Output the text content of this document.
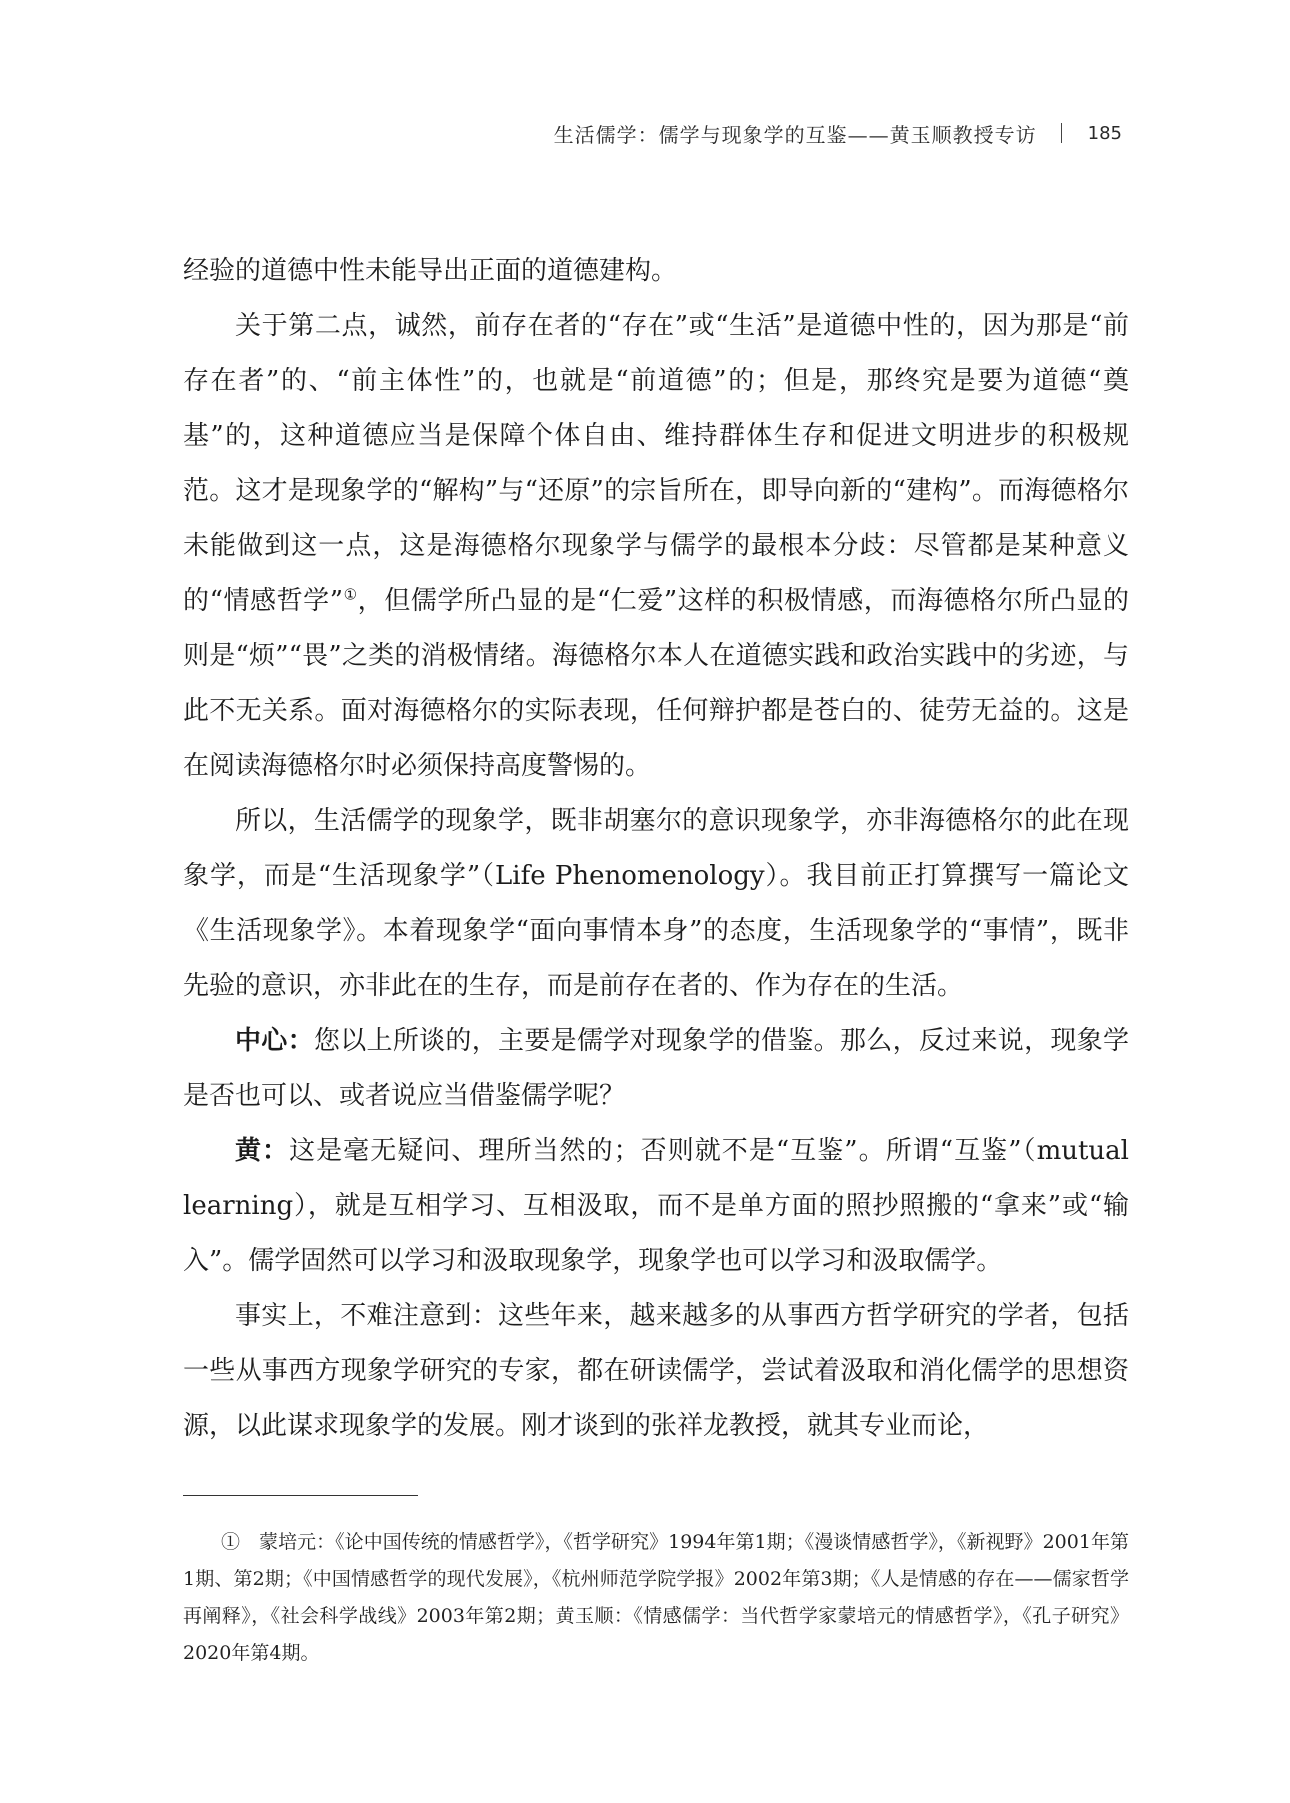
生活儒学：儒学与现象学的互鉴——黄玉顺教授专访	185

经验的道德中性未能导出正面的道德建构。

关于第二点，诚然，前存在者的“存在”或“生活”是道德中性的，因为那是“前存在者”的、“前主体性”的，也就是“前道德”的；但是，那终究是要为道德“奠基”的，这种道德应当是保障个体自由、维持群体生存和促进文明进步的积极规范。这才是现象学的“解构”与“还原”的宗旨所在，即导向新的“建构”。而海德格尔未能做到这一点，这是海德格尔现象学与儒学的最根本分歧：尽管都是某种意义的“情感哲学”①，但儒学所凸显的是“仁爱”这样的积极情感，而海德格尔所凸显的则是“烦”“畏”之类的消极情绪。海德格尔本人在道德实践和政治实践中的劣迹，与此不无关系。面对海德格尔的实际表现，任何辩护都是苍白的、徒劳无益的。这是在阅读海德格尔时必须保持高度警惕的。

所以，生活儒学的现象学，既非胡塞尔的意识现象学，亦非海德格尔的此在现象学，而是“生活现象学”（Life Phenomenology）。我目前正打算撰写一篇论文《生活现象学》。本着现象学“面向事情本身”的态度，生活现象学的“事情”，既非先验的意识，亦非此在的生存，而是前存在者的、作为存在的生活。

中心：您以上所谈的，主要是儒学对现象学的借鉴。那么，反过来说，现象学是否也可以、或者说应当借鉴儒学呢？

黄：这是毫无疑问、理所当然的；否则就不是“互鉴”。所谓“互鉴”（mutual learning），就是互相学习、互相汲取，而不是单方面的照抄照搬的“拿来”或“输入”。儒学固然可以学习和汲取现象学，现象学也可以学习和汲取儒学。

事实上，不难注意到：这些年来，越来越多的从事西方哲学研究的学者，包括一些从事西方现象学研究的专家，都在研读儒学，尝试着汲取和消化儒学的思想资源，以此谋求现象学的发展。刚才谈到的张祥龙教授，就其专业而论，

①　蒙培元：《论中国传统的情感哲学》，《哲学研究》1994年第1期；《漫谈情感哲学》，《新视野》2001年第1期、第2期；《中国情感哲学的现代发展》，《杭州师范学院学报》2002年第3期；《人是情感的存在——儒家哲学再阐释》，《社会科学战线》2003年第2期；黄玉顺：《情感儒学：当代哲学家蒙培元的情感哲学》，《孔子研究》2020年第4期。
